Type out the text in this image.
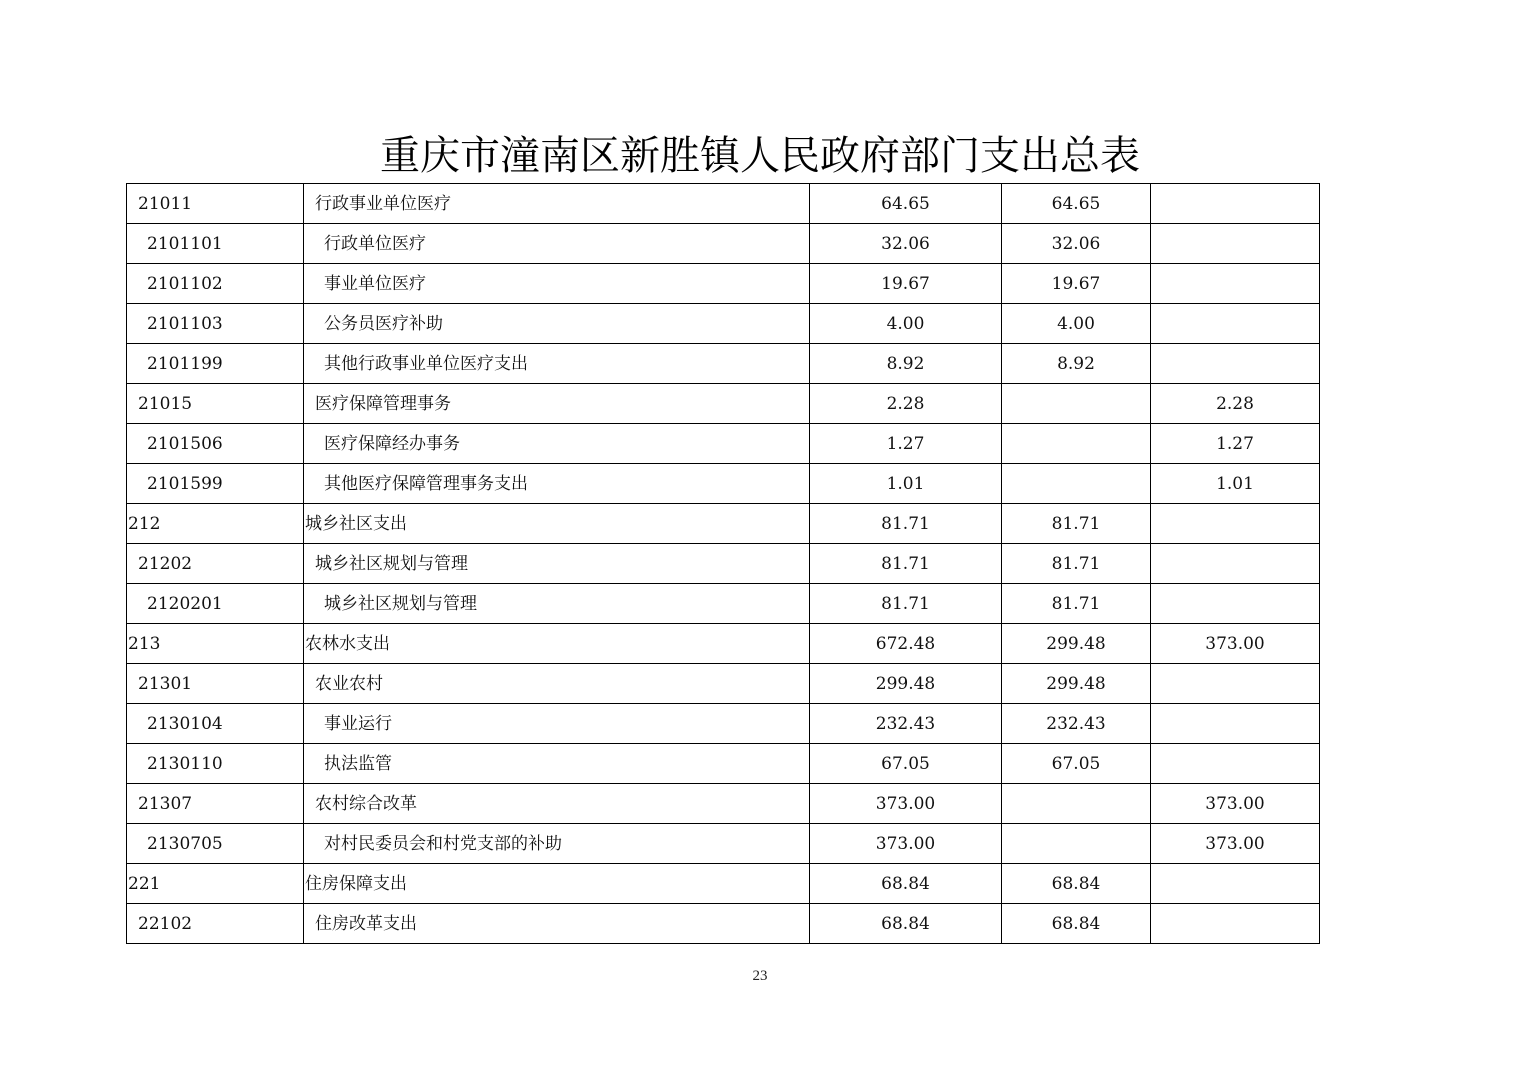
重庆市潼南区新胜镇人民政府部门支出总表
21011	行政事业单位医疗	64.65	64.65	
2101101	行政单位医疗	32.06	32.06	
2101102	事业单位医疗	19.67	19.67	
2101103	公务员医疗补助	4.00	4.00	
2101199	其他行政事业单位医疗支出	8.92	8.92	
21015	医疗保障管理事务	2.28		2.28
2101506	医疗保障经办事务	1.27		1.27
2101599	其他医疗保障管理事务支出	1.01		1.01
212	城乡社区支出	81.71	81.71	
21202	城乡社区规划与管理	81.71	81.71	
2120201	城乡社区规划与管理	81.71	81.71	
213	农林水支出	672.48	299.48	373.00
21301	农业农村	299.48	299.48	
2130104	事业运行	232.43	232.43	
2130110	执法监管	67.05	67.05	
21307	农村综合改革	373.00		373.00
2130705	对村民委员会和村党支部的补助	373.00		373.00
221	住房保障支出	68.84	68.84	
22102	住房改革支出	68.84	68.84	
23
